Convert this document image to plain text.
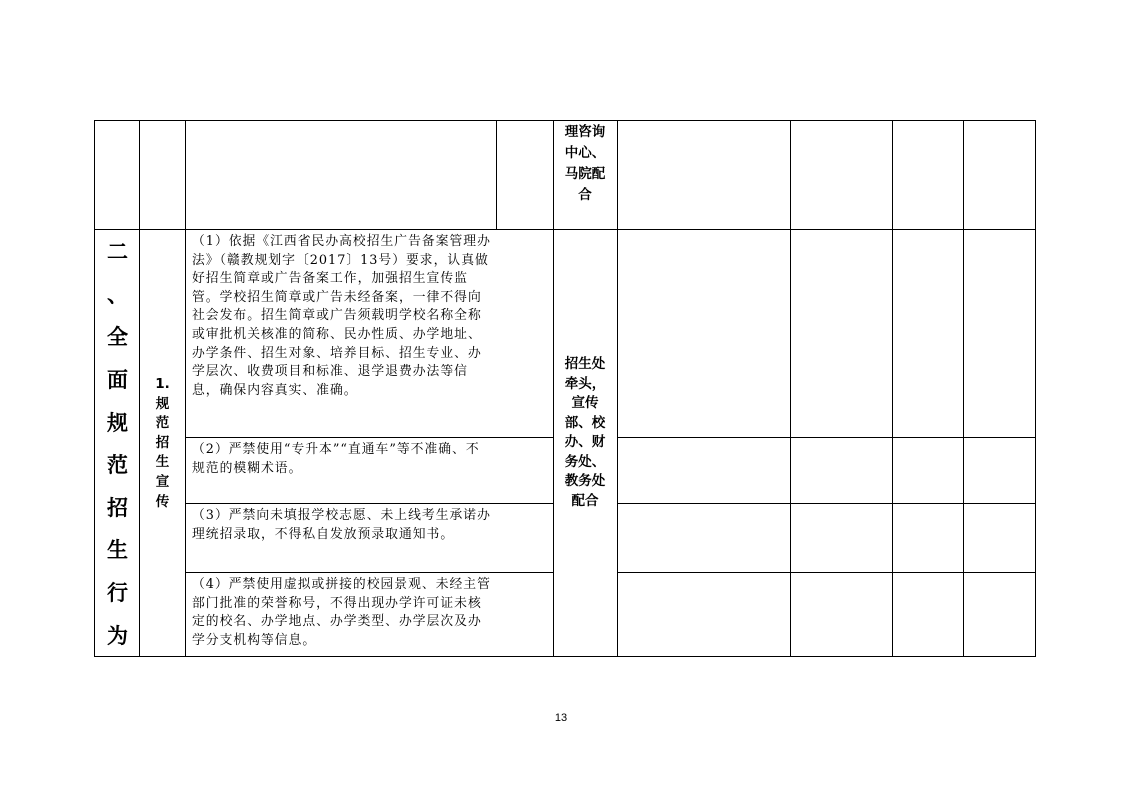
理咨询中心、马院配合
二
、
全
面
规
范
招
生
行
为
1.
规
范
招
生
宣
传
（1）依据《江西省民办高校招生广告备案管理办法》（赣教规划字〔2017〕13号）要求，认真做好招生简章或广告备案工作，加强招生宣传监管。学校招生简章或广告未经备案，一律不得向社会发布。招生简章或广告须载明学校名称全称或审批机关核准的简称、民办性质、办学地址、办学条件、招生对象、培养目标、招生专业、办学层次、收费项目和标准、退学退费办法等信息，确保内容真实、准确。
（2）严禁使用“专升本”“直通车”等不准确、不规范的模糊术语。
（3）严禁向未填报学校志愿、未上线考生承诺办理统招录取，不得私自发放预录取通知书。
（4）严禁使用虚拟或拼接的校园景观、未经主管部门批准的荣誉称号，不得出现办学许可证未核定的校名、办学地点、办学类型、办学层次及办学分支机构等信息。
招生处牵头，宣传部、校办、财务处、教务处配合
13
